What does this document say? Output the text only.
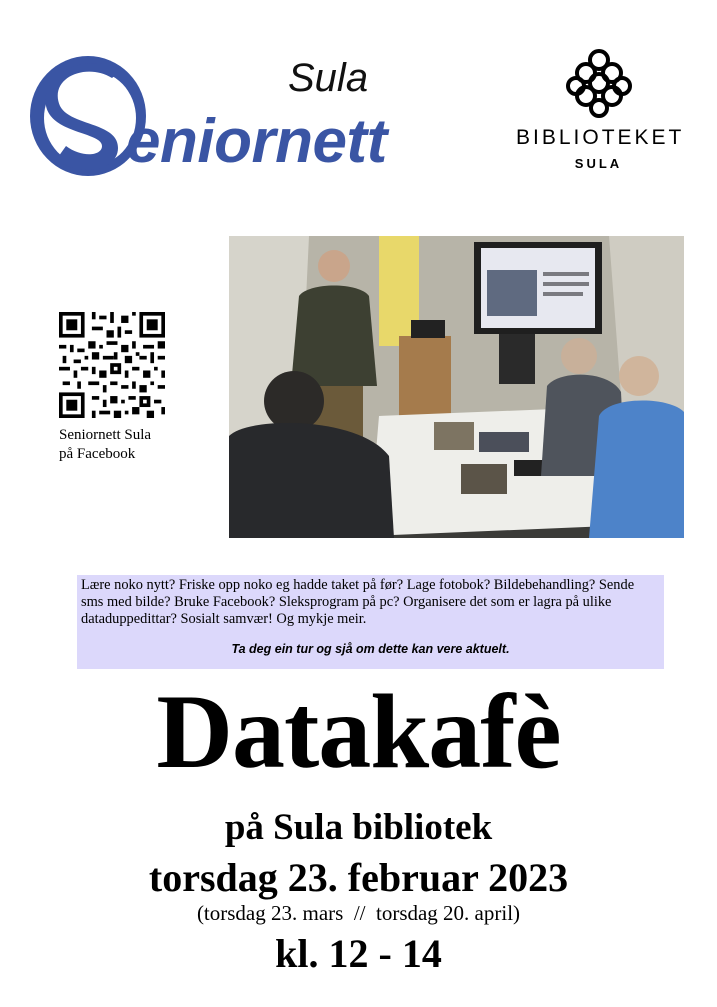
Sula
eniornett	BIBLIOTEKET
SULA
Seniornett Sula
på Facebook

Lære noko nytt? Friske opp noko eg hadde taket på før? Lage fotobok? Bildebehandling? Sende sms med bilde? Bruke Facebook? Sleksprogram på pc? Organisere det som er lagra på ulike dataduppedittar? Sosialt samvær! Og mykje meir.

Ta deg ein tur og sjå om dette kan vere aktuelt.

Datakafè
på Sula bibliotek
torsdag 23. februar 2023
(torsdag 23. mars  //  torsdag 20. april)
kl. 12 - 14
